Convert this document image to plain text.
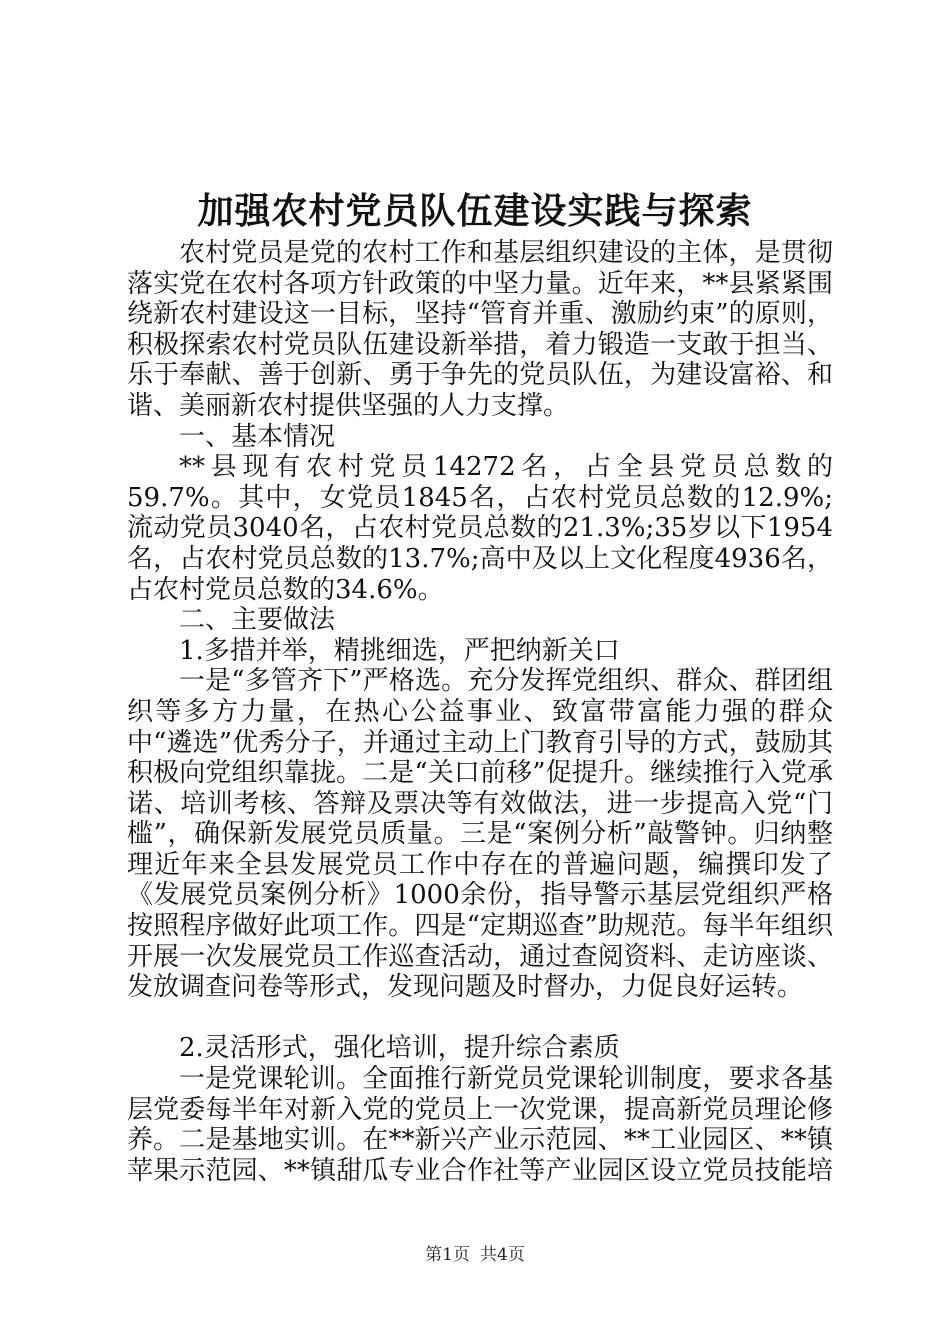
加强农村党员队伍建设实践与探索

农村党员是党的农村工作和基层组织建设的主体，是贯彻落实党在农村各项方针政策的中坚力量。近年来，**县紧紧围绕新农村建设这一目标，坚持“管育并重、激励约束”的原则，积极探索农村党员队伍建设新举措，着力锻造一支敢于担当、乐于奉献、善于创新、勇于争先的党员队伍，为建设富裕、和谐、美丽新农村提供坚强的人力支撑。

一、基本情况

**县现有农村党员14272名，占全县党员总数的59.7%。其中，女党员1845名，占农村党员总数的12.9%;流动党员3040名，占农村党员总数的21.3%;35岁以下1954名，占农村党员总数的13.7%;高中及以上文化程度4936名，占农村党员总数的34.6%。

二、主要做法

1.多措并举，精挑细选，严把纳新关口

一是“多管齐下”严格选。充分发挥党组织、群众、群团组织等多方力量，在热心公益事业、致富带富能力强的群众中“遴选”优秀分子，并通过主动上门教育引导的方式，鼓励其积极向党组织靠拢。二是“关口前移”促提升。继续推行入党承诺、培训考核、答辩及票决等有效做法，进一步提高入党“门槛”，确保新发展党员质量。三是“案例分析”敲警钟。归纳整理近年来全县发展党员工作中存在的普遍问题，编撰印发了《发展党员案例分析》1000余份，指导警示基层党组织严格按照程序做好此项工作。四是“定期巡查”助规范。每半年组织开展一次发展党员工作巡查活动，通过查阅资料、走访座谈、发放调查问卷等形式，发现问题及时督办，力促良好运转。

2.灵活形式，强化培训，提升综合素质

一是党课轮训。全面推行新党员党课轮训制度，要求各基层党委每半年对新入党的党员上一次党课，提高新党员理论修养。二是基地实训。在**新兴产业示范园、**工业园区、**镇苹果示范园、**镇甜瓜专业合作社等产业园区设立党员技能培

第1页 共4页
